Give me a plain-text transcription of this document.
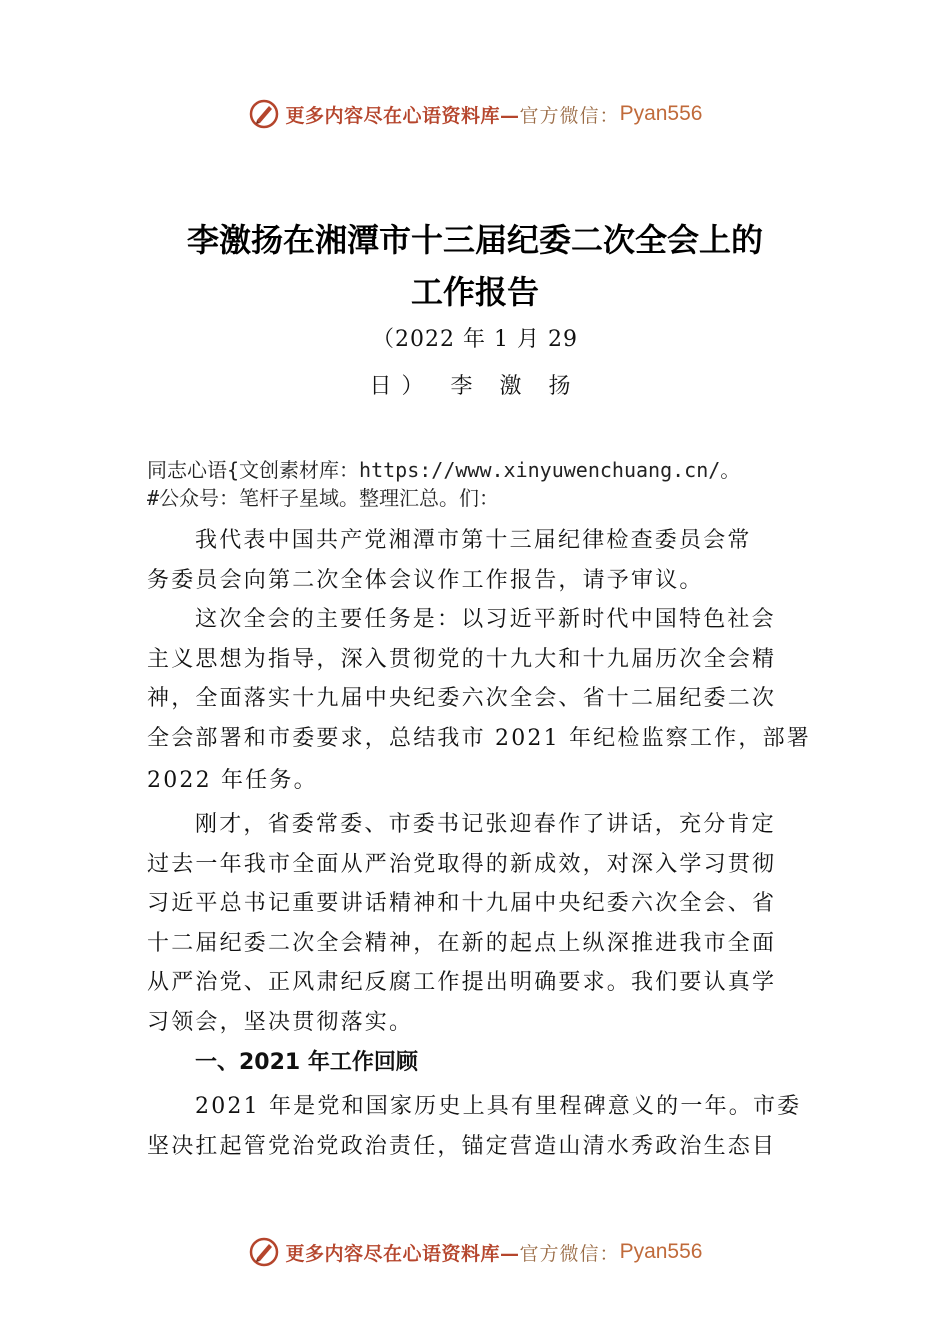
更多内容尽在心语资料库— 官方微信： Pyan556
李激扬在湘潭市十三届纪委二次全会上的
工作报告
（2022 年 1 月 29
日） 李 激 扬
同志心语{文创素材库：https://www.xinyuwenchuang.cn/。
#公众号：笔杆子星域。整理汇总。们：
我代表中国共产党湘潭市第十三届纪律检查委员会常
务委员会向第二次全体会议作工作报告，请予审议。
这次全会的主要任务是：以习近平新时代中国特色社会
主义思想为指导，深入贯彻党的十九大和十九届历次全会精
神，全面落实十九届中央纪委六次全会、省十二届纪委二次
全会部署和市委要求，总结我市 2021 年纪检监察工作，部署
2022 年任务。
刚才，省委常委、市委书记张迎春作了讲话，充分肯定
过去一年我市全面从严治党取得的新成效，对深入学习贯彻
习近平总书记重要讲话精神和十九届中央纪委六次全会、省
十二届纪委二次全会精神，在新的起点上纵深推进我市全面
从严治党、正风肃纪反腐工作提出明确要求。我们要认真学
习领会，坚决贯彻落实。
一、2021 年工作回顾
2021 年是党和国家历史上具有里程碑意义的一年。市委
坚决扛起管党治党政治责任，锚定营造山清水秀政治生态目
更多内容尽在心语资料库— 官方微信： Pyan556
